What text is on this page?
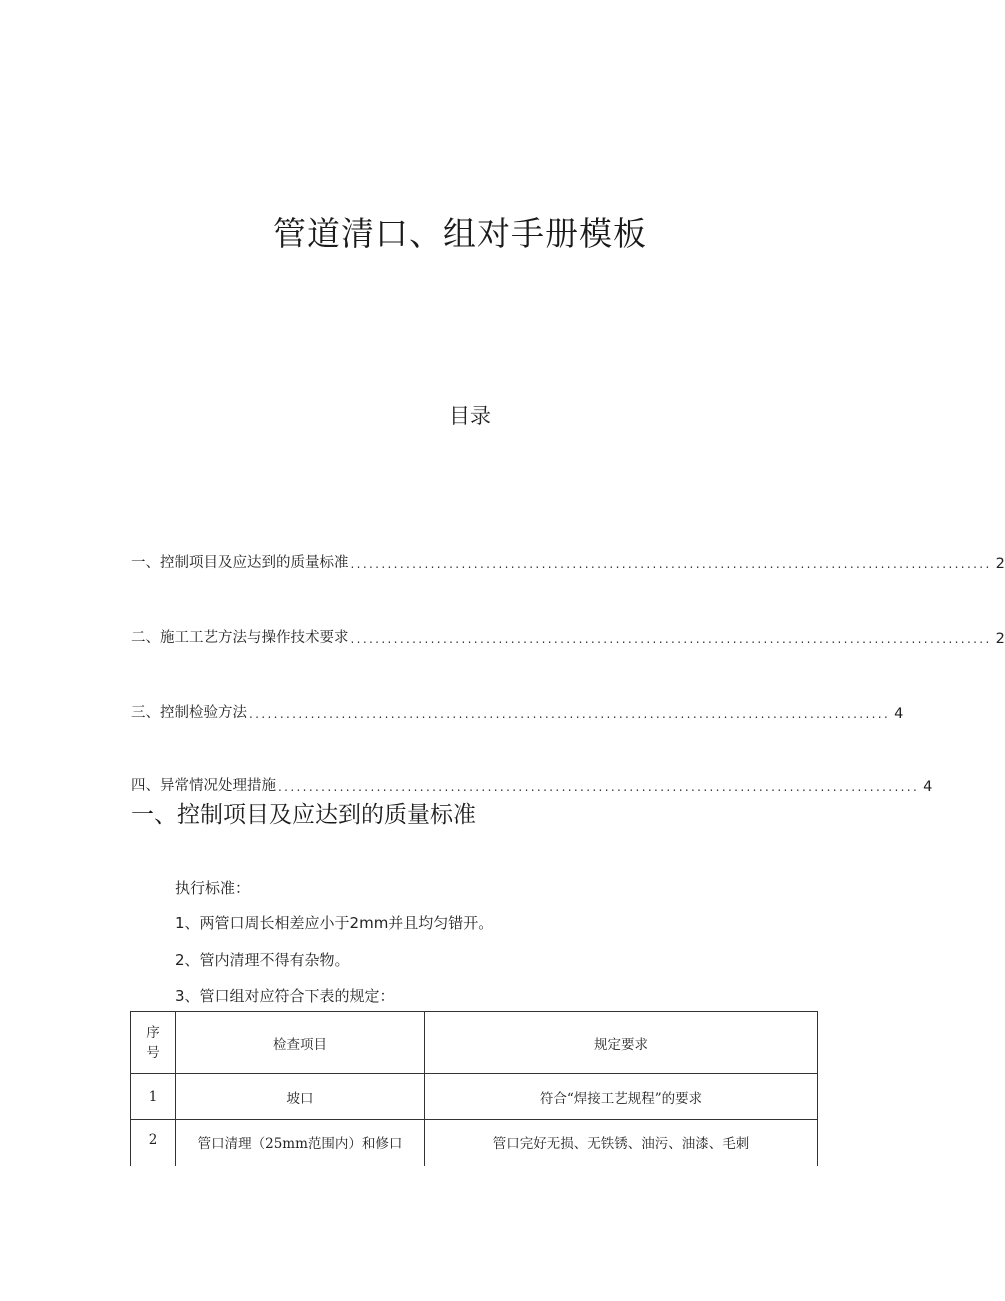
管道清口、组对手册模板
目录
一、控制项目及应达到的质量标准 ........................................................................................................ 2
二、施工工艺方法与操作技术要求 ........................................................................................................ 2
三、控制检验方法 ........................................................................................................ 4
四、异常情况处理措施 ........................................................................................................ 4
一、控制项目及应达到的质量标准
执行标准：
1、两管口周长相差应小于2mm并且均匀错开。
2、管内清理不得有杂物。
3、管口组对应符合下表的规定：
序
号	检查项目	规定要求
1	坡口	符合“焊接工艺规程”的要求
2	管口清理（25mm范围内）和修口	管口完好无损、无铁锈、油污、油漆、毛刺
